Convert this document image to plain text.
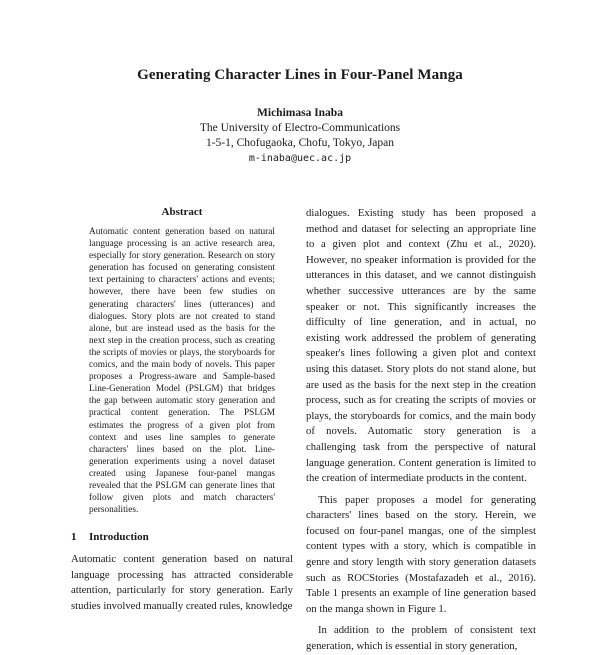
Generating Character Lines in Four-Panel Manga
Michimasa Inaba
The University of Electro-Communications
1-5-1, Chofugaoka, Chofu, Tokyo, Japan
m-inaba@uec.ac.jp
Abstract

Automatic content generation based on natural language processing is an active research area, especially for story generation. Research on story generation has focused on generating consistent text pertaining to characters' actions and events; however, there have been few studies on generating characters' lines (utterances) and dialogues. Story plots are not created to stand alone, but are instead used as the basis for the next step in the creation process, such as creating the scripts of movies or plays, the storyboards for comics, and the main body of novels. This paper proposes a Progress-aware and Sample-based Line-Generation Model (PSLGM) that bridges the gap between automatic story generation and practical content generation. The PSLGM estimates the progress of a given plot from context and uses line samples to generate characters' lines based on the plot. Line-generation experiments using a novel dataset created using Japanese four-panel mangas revealed that the PSLGM can generate lines that follow given plots and match characters' personalities.

1 Introduction

Automatic content generation based on natural language processing has attracted considerable attention, particularly for story generation. Early studies involved manually created rules, knowledge

dialogues. Existing study has been proposed a method and dataset for selecting an appropriate line to a given plot and context (Zhu et al., 2020). However, no speaker information is provided for the utterances in this dataset, and we cannot distinguish whether successive utterances are by the same speaker or not. This significantly increases the difficulty of line generation, and in actual, no existing work addressed the problem of generating speaker's lines following a given plot and context using this dataset. Story plots do not stand alone, but are used as the basis for the next step in the creation process, such as for creating the scripts of movies or plays, the storyboards for comics, and the main body of novels. Automatic story generation is a challenging task from the perspective of natural language generation. Content generation is limited to the creation of intermediate products in the content.

This paper proposes a model for generating characters' lines based on the story. Herein, we focused on four-panel mangas, one of the simplest content types with a story, which is compatible in genre and story length with story generation datasets such as ROCStories (Mostafazadeh et al., 2016). Table 1 presents an example of line generation based on the manga shown in Figure 1.

In addition to the problem of consistent text generation, which is essential in story generation,
